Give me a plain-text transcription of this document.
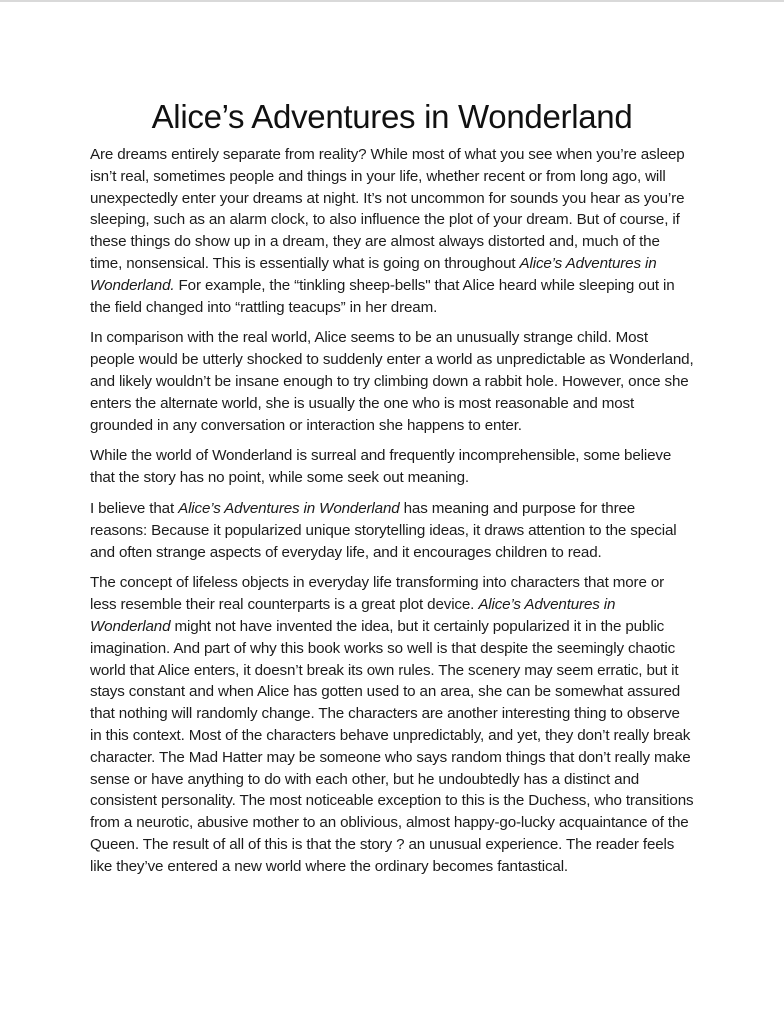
Alice’s Adventures in Wonderland

Are dreams entirely separate from reality? While most of what you see when you’re asleep isn’t real, sometimes people and things in your life, whether recent or from long ago, will unexpectedly enter your dreams at night. It’s not uncommon for sounds you hear as you’re sleeping, such as an alarm clock, to also influence the plot of your dream. But of course, if these things do show up in a dream, they are almost always distorted and, much of the time, nonsensical. This is essentially what is going on throughout Alice’s Adventures in Wonderland. For example, the “tinkling sheep-bells" that Alice heard while sleeping out in the field changed into “rattling teacups” in her dream.

In comparison with the real world, Alice seems to be an unusually strange child. Most people would be utterly shocked to suddenly enter a world as unpredictable as Wonderland, and likely wouldn’t be insane enough to try climbing down a rabbit hole. However, once she enters the alternate world, she is usually the one who is most reasonable and most grounded in any conversation or interaction she happens to enter.

While the world of Wonderland is surreal and frequently incomprehensible, some believe that the story has no point, while some seek out meaning.

I believe that Alice’s Adventures in Wonderland has meaning and purpose for three reasons: Because it popularized unique storytelling ideas, it draws attention to the special and often strange aspects of everyday life, and it encourages children to read.

The concept of lifeless objects in everyday life transforming into characters that more or less resemble their real counterparts is a great plot device. Alice’s Adventures in Wonderland might not have invented the idea, but it certainly popularized it in the public imagination. And part of why this book works so well is that despite the seemingly chaotic world that Alice enters, it doesn’t break its own rules. The scenery may seem erratic, but it stays constant and when Alice has gotten used to an area, she can be somewhat assured that nothing will randomly change. The characters are another interesting thing to observe in this context. Most of the characters behave unpredictably, and yet, they don’t really break character. The Mad Hatter may be someone who says random things that don’t really make sense or have anything to do with each other, but he undoubtedly has a distinct and consistent personality. The most noticeable exception to this is the Duchess, who transitions from a neurotic, abusive mother to an oblivious, almost happy-go-lucky acquaintance of the Queen. The result of all of this is that the story ? an unusual experience. The reader feels like they’ve entered a new world where the ordinary becomes fantastical.
